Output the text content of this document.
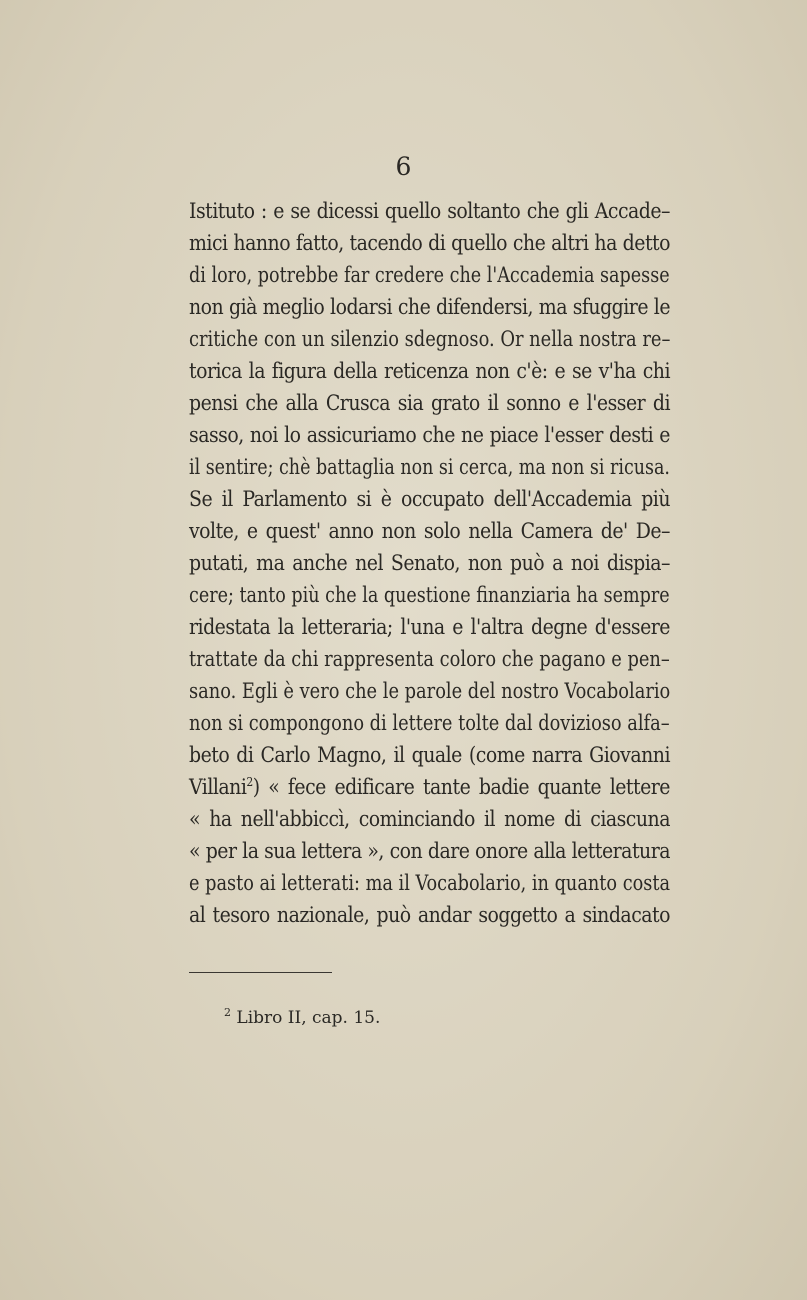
6
Istituto : e se dicessi quello soltanto che gli Accade–
mici hanno fatto, tacendo di quello che altri ha detto
di loro, potrebbe far credere che l'Accademia sapesse
non già meglio lodarsi che difendersi, ma sfuggire le
critiche con un silenzio sdegnoso. Or nella nostra re–
torica la figura della reticenza non c'è: e se v'ha chi
pensi che alla Crusca sia grato il sonno e l'esser di
sasso, noi lo assicuriamo che ne piace l'esser desti e
il sentire; chè battaglia non si cerca, ma non si ricusa.
Se il Parlamento si è occupato dell'Accademia più
volte, e quest' anno non solo nella Camera de' De–
putati, ma anche nel Senato, non può a noi dispia–
cere; tanto più che la questione finanziaria ha sempre
ridestata la letteraria; l'una e l'altra degne d'essere
trattate da chi rappresenta coloro che pagano e pen–
sano. Egli è vero che le parole del nostro Vocabolario
non si compongono di lettere tolte dal dovizioso alfa–
beto di Carlo Magno, il quale (come narra Giovanni
Villani$^2$) « fece edificare tante badie quante lettere
« ha nell'abbiccì, cominciando il nome di ciascuna
« per la sua lettera », con dare onore alla letteratura
e pasto ai letterati: ma il Vocabolario, in quanto costa
al tesoro nazionale, può andar soggetto a sindacato
$^2$ Libro II, cap. 15.
